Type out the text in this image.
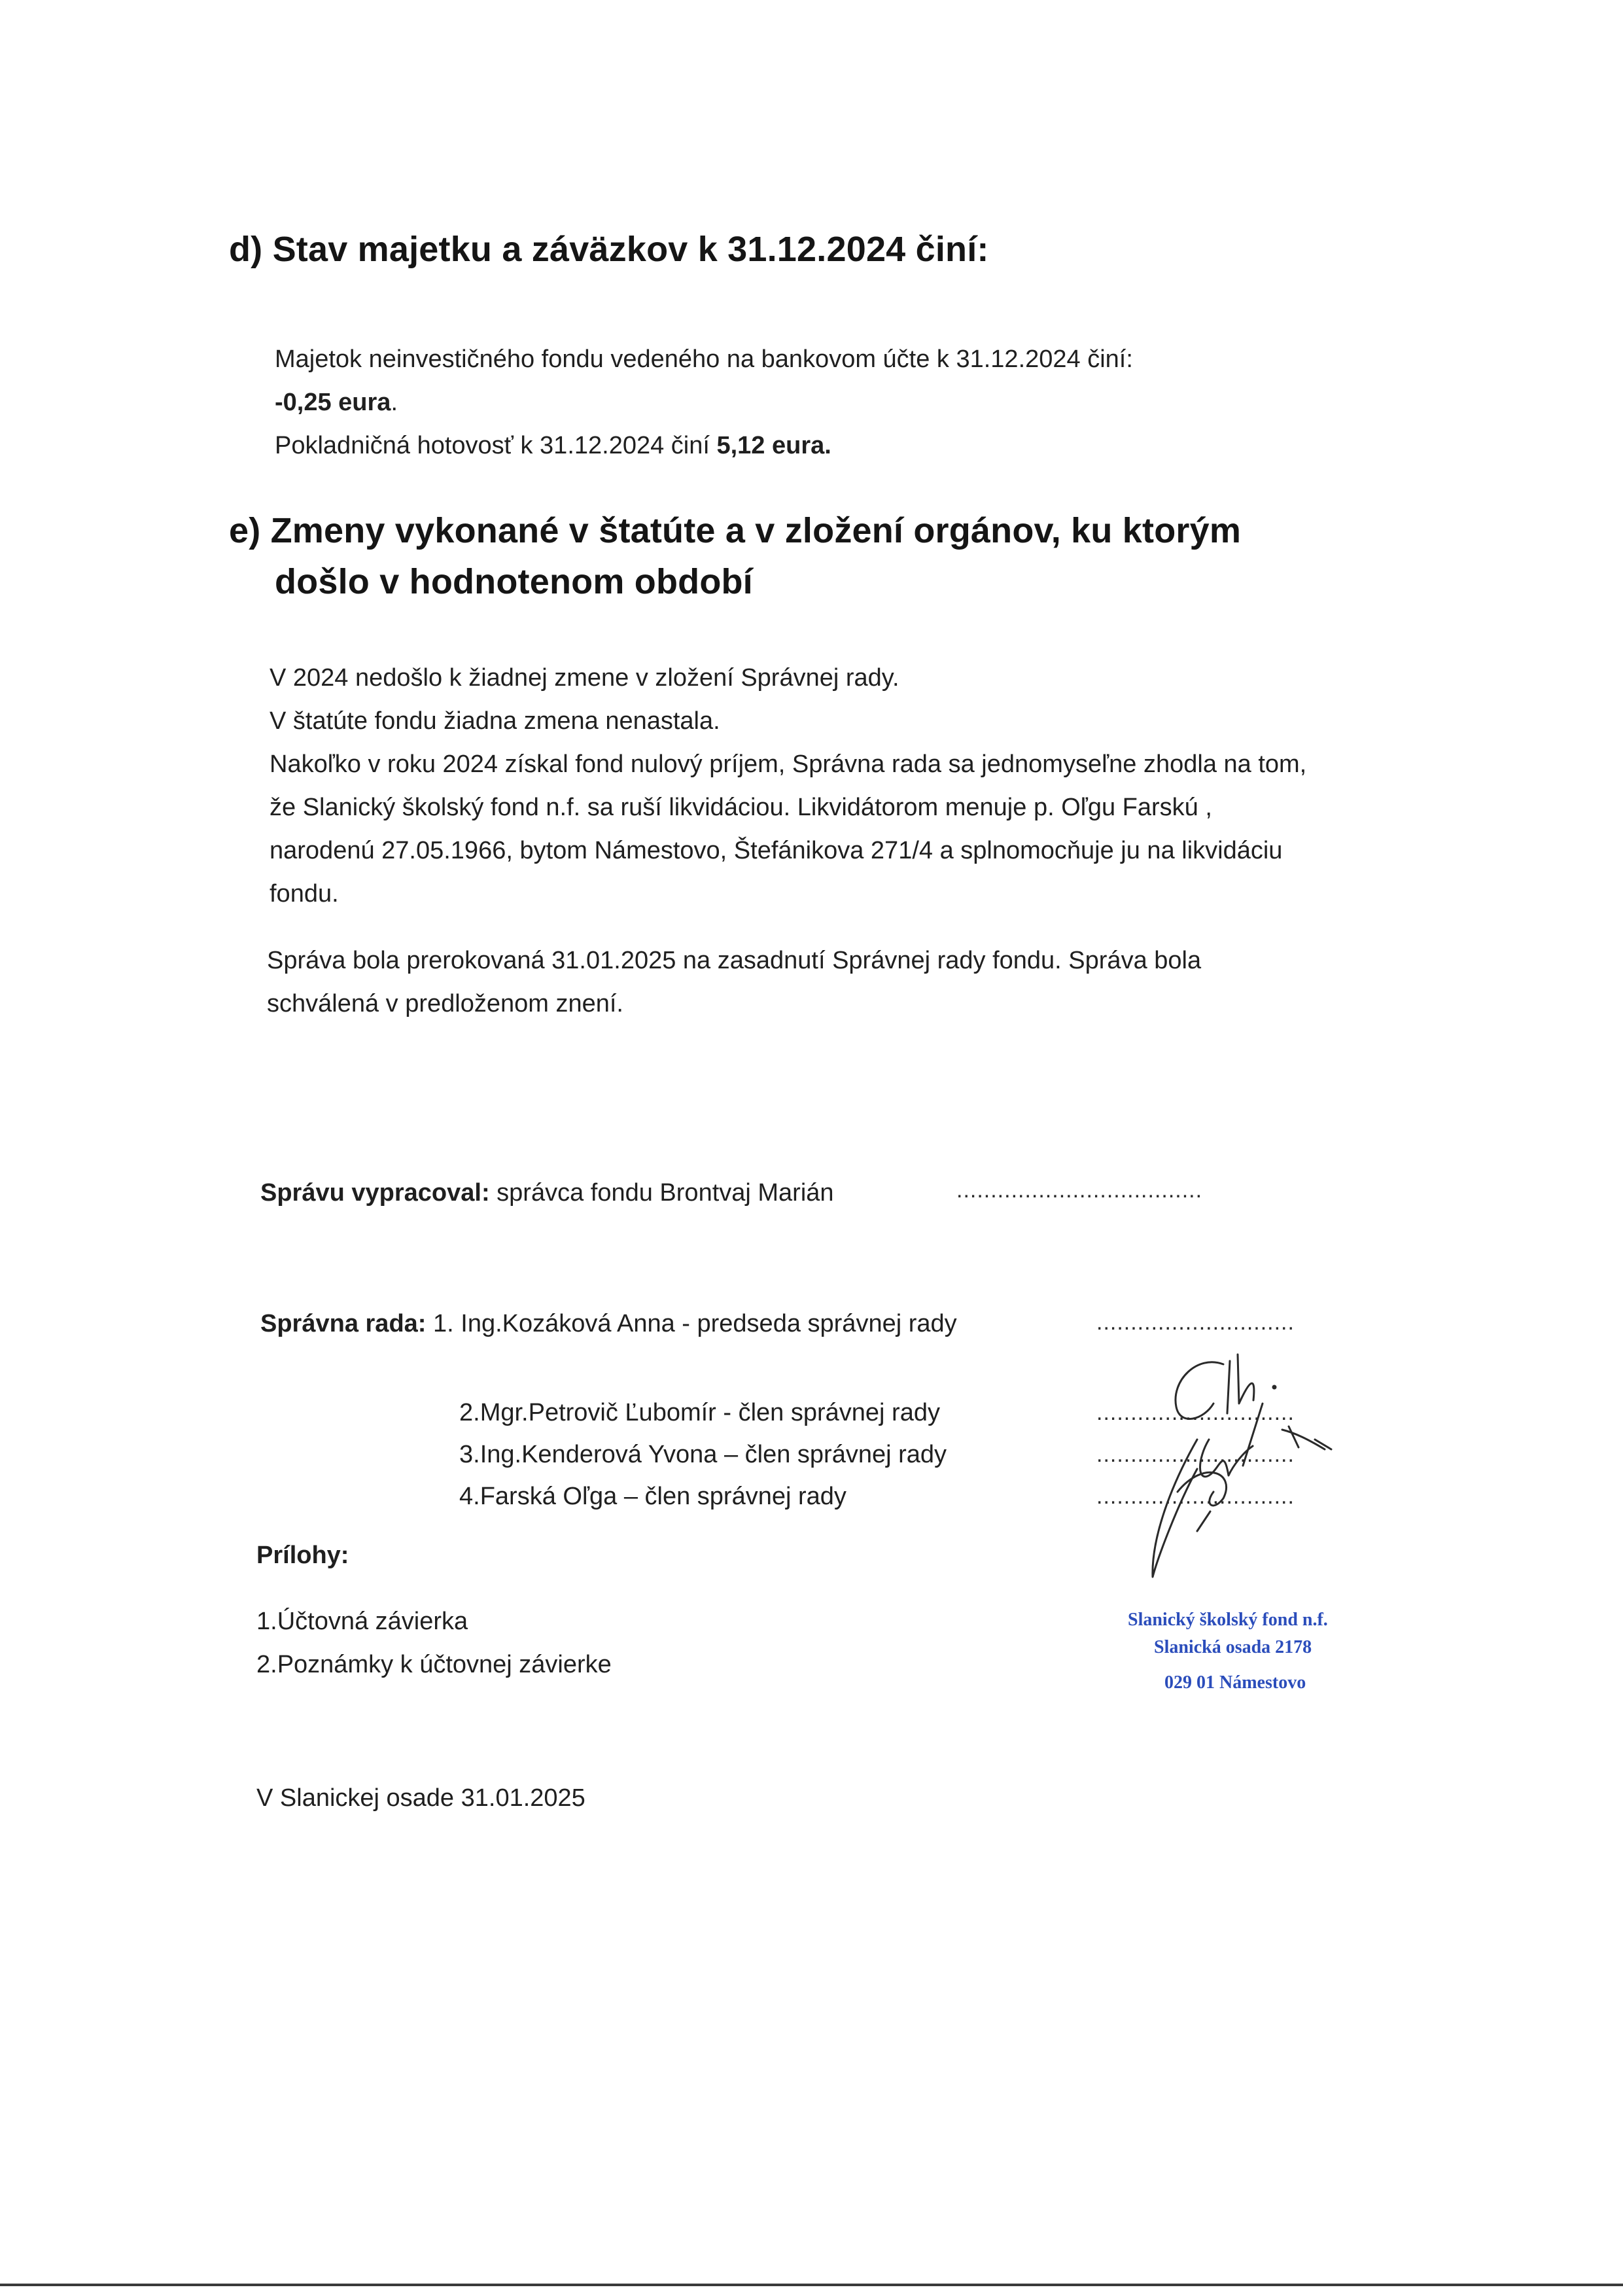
d) Stav majetku a záväzkov k 31.12.2024 činí:
Majetok neinvestičného fondu vedeného na bankovom účte k 31.12.2024 činí:
-0,25 eura.
Pokladničná hotovosť k 31.12.2024 činí 5,12 eura.
e) Zmeny vykonané v štatúte a v zložení orgánov, ku ktorým
došlo v hodnotenom období
V 2024 nedošlo k žiadnej zmene v zložení Správnej rady.
V štatúte fondu žiadna zmena nenastala.
Nakoľko v roku 2024 získal fond nulový príjem, Správna rada sa jednomyseľne zhodla na tom,
že Slanický školský fond n.f. sa ruší likvidáciou. Likvidátorom menuje p. Oľgu Farskú ,
narodenú 27.05.1966, bytom Námestovo, Štefánikova 271/4 a splnomocňuje ju na likvidáciu
fondu.
Správa bola prerokovaná 31.01.2025 na zasadnutí Správnej rady fondu. Správa bola
schválená v predloženom znení.
Správu vypracoval: správca fondu Brontvaj Marián	....................................
Správna rada: 1. Ing.Kozáková Anna - predseda správnej rady	.............................
2.Mgr.Petrovič Ľubomír - člen správnej rady	.............................
3.Ing.Kenderová Yvona – člen správnej rady	.............................
4.Farská Oľga – člen správnej rady	.............................
Slanický školský fond n.f.
Slanická osada 2178
029 01 Námestovo
Prílohy:
1.Účtovná závierka
2.Poznámky k účtovnej závierke
V Slanickej osade 31.01.2025
